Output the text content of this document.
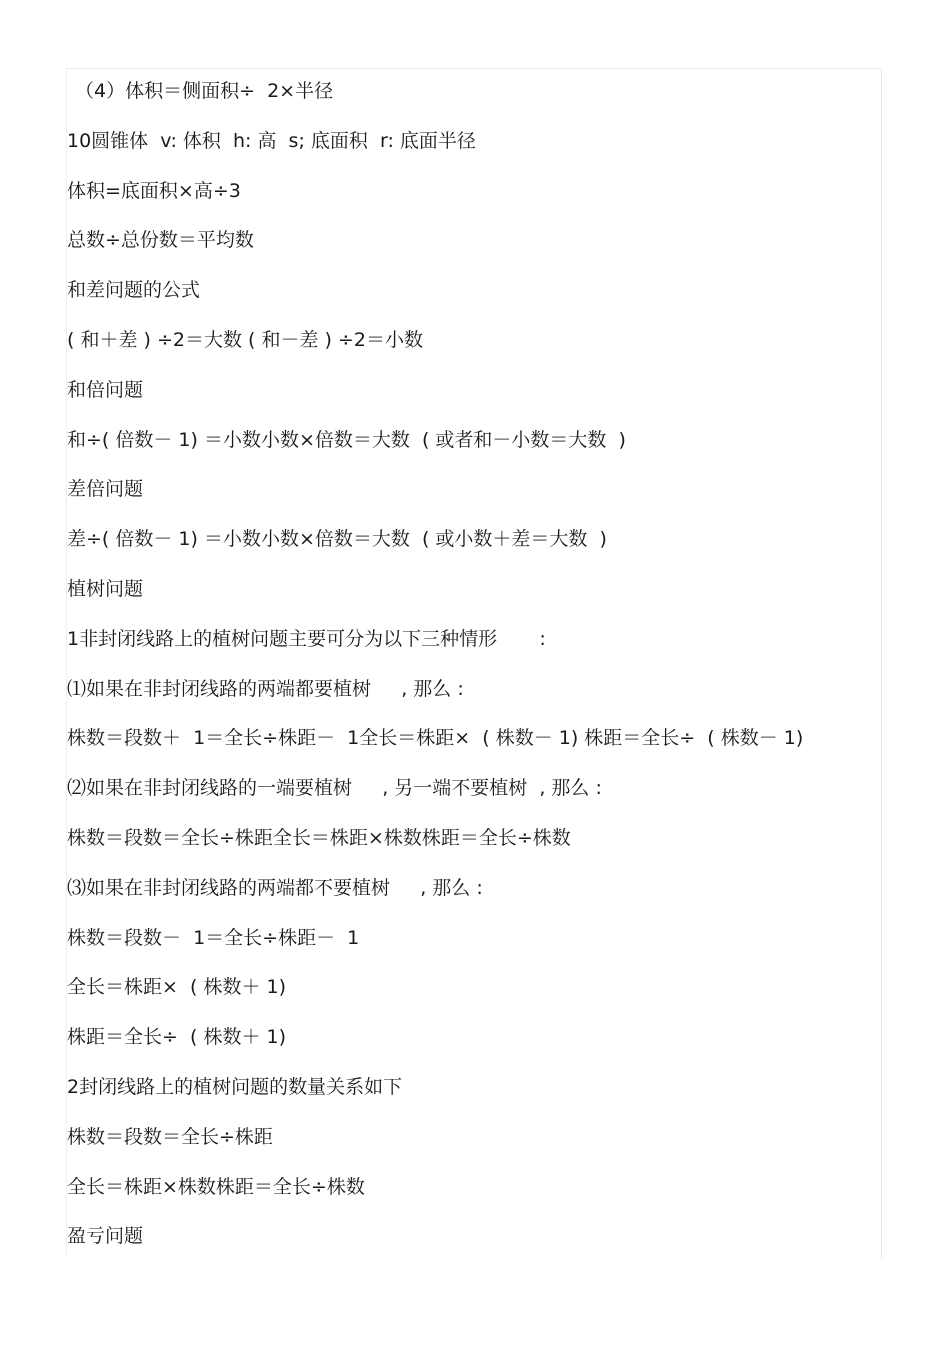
（4）体积＝侧面积÷  2×半径
10圆锥体  v: 体积  h: 高  s; 底面积  r: 底面半径
体积=底面积×高÷3
总数÷总份数＝平均数
和差问题的公式
( 和＋差 ) ÷2＝大数 ( 和－差 ) ÷2＝小数
和倍问题
和÷( 倍数－ 1) ＝小数小数×倍数＝大数  ( 或者和－小数＝大数  )
差倍问题
差÷( 倍数－ 1) ＝小数小数×倍数＝大数  ( 或小数＋差＝大数  )
植树问题
1非封闭线路上的植树问题主要可分为以下三种情形       :
⑴如果在非封闭线路的两端都要植树     , 那么 :
株数＝段数＋  1＝全长÷株距－  1全长＝株距×  ( 株数－ 1) 株距＝全长÷  ( 株数－ 1)
⑵如果在非封闭线路的一端要植树     , 另一端不要植树  , 那么 :
株数＝段数＝全长÷株距全长＝株距×株数株距＝全长÷株数
⑶如果在非封闭线路的两端都不要植树     , 那么 :
株数＝段数－  1＝全长÷株距－  1
全长＝株距×  ( 株数＋ 1)
株距＝全长÷  ( 株数＋ 1)
2封闭线路上的植树问题的数量关系如下
株数＝段数＝全长÷株距
全长＝株距×株数株距＝全长÷株数
盈亏问题
